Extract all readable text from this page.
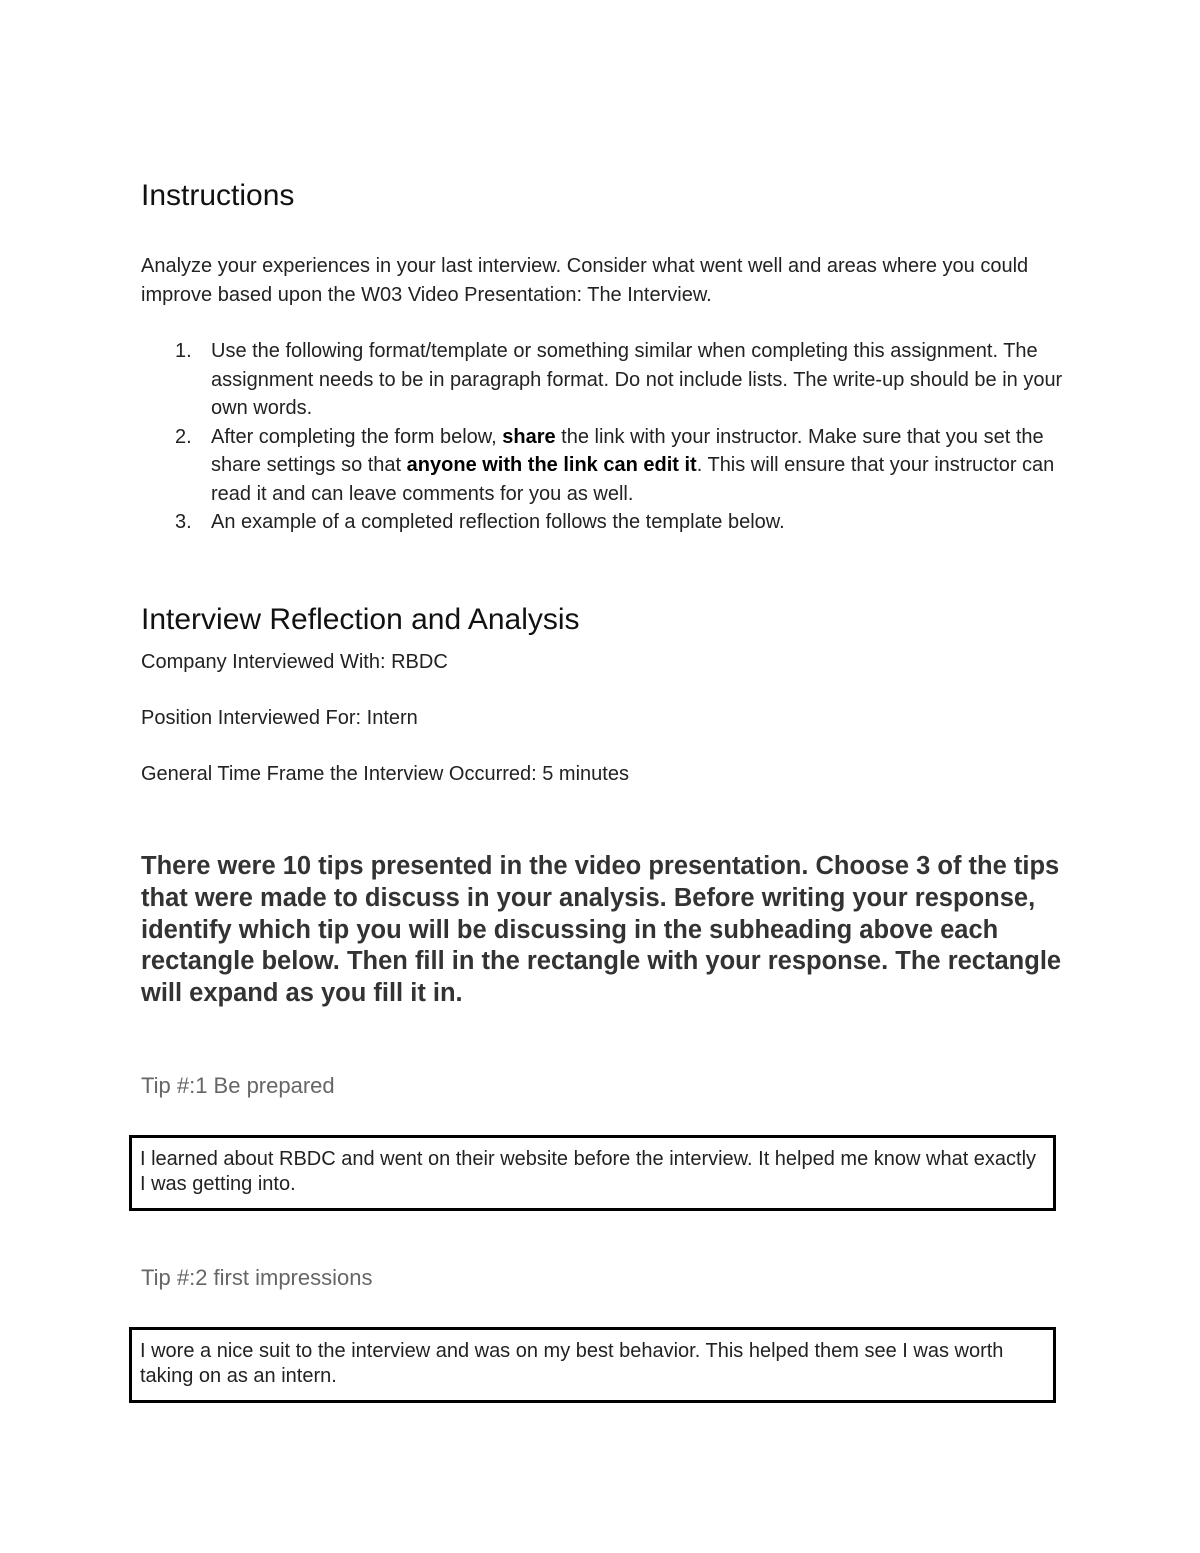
Instructions

Analyze your experiences in your last interview. Consider what went well and areas where you could improve based upon the W03 Video Presentation: The Interview.

1. Use the following format/template or something similar when completing this assignment. The assignment needs to be in paragraph format. Do not include lists. The write-up should be in your own words.
2. After completing the form below, share the link with your instructor. Make sure that you set the share settings so that anyone with the link can edit it. This will ensure that your instructor can read it and can leave comments for you as well.
3. An example of a completed reflection follows the template below.
Interview Reflection and Analysis

Company Interviewed With: RBDC

Position Interviewed For: Intern

General Time Frame the Interview Occurred: 5 minutes

There were 10 tips presented in the video presentation. Choose 3 of the tips that were made to discuss in your analysis. Before writing your response, identify which tip you will be discussing in the subheading above each rectangle below. Then fill in the rectangle with your response. The rectangle will expand as you fill it in.

Tip #:1 Be prepared
I learned about RBDC and went on their website before the interview. It helped me know what exactly I was getting into.
Tip #:2 first impressions
I wore a nice suit to the interview and was on my best behavior. This helped them see I was worth taking on as an intern.
